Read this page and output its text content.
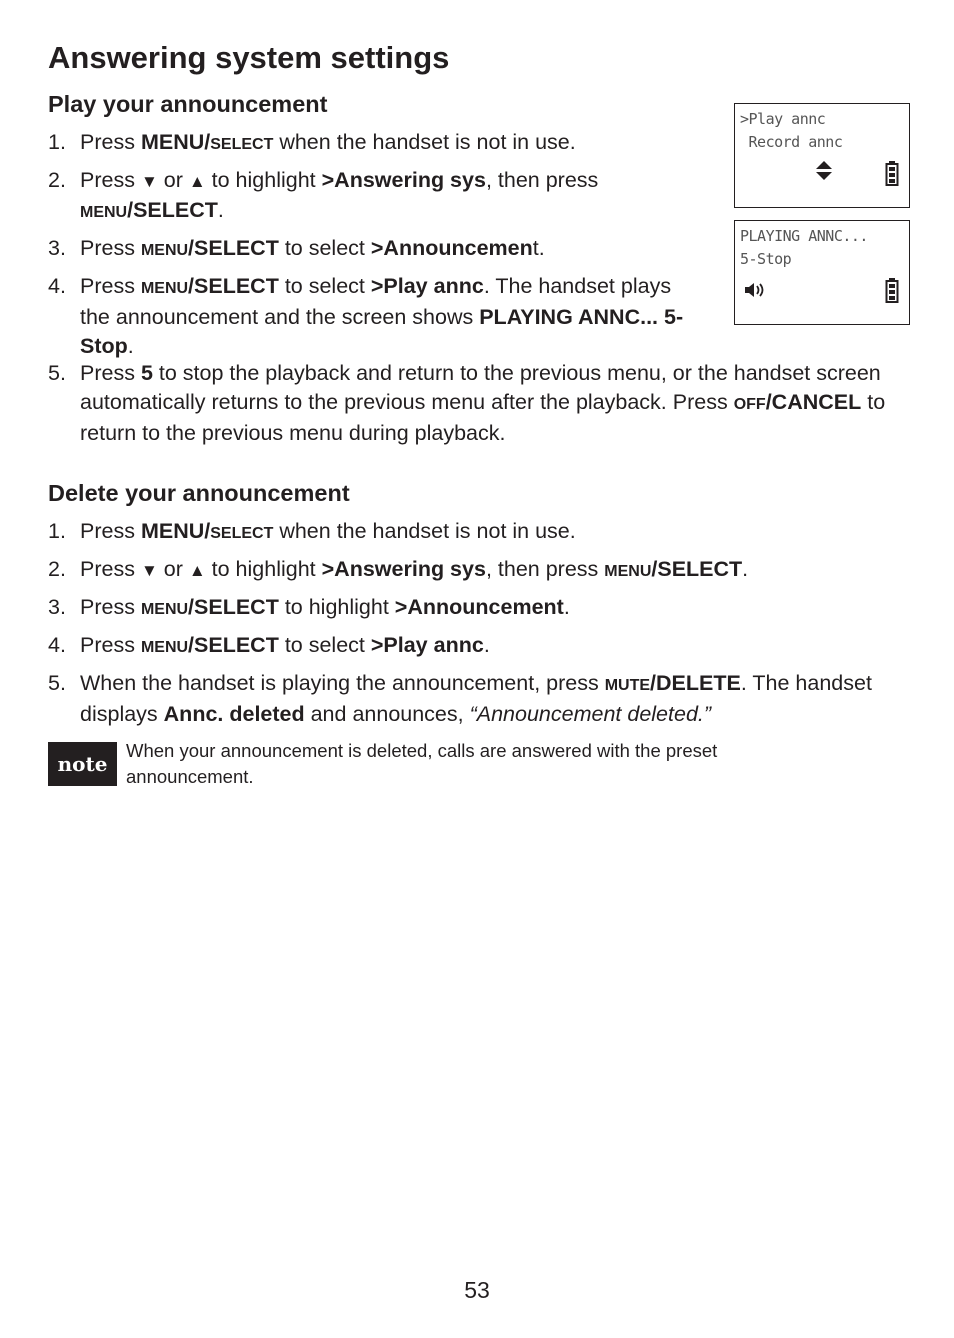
Answering system settings
Play your announcement
1. Press MENU/SELECT when the handset is not in use.
2. Press ▼ or ▲ to highlight >Answering sys, then press MENU/SELECT.
3. Press MENU/SELECT to select >Announcement.
4. Press MENU/SELECT to select >Play annc. The handset plays the announcement and the screen shows PLAYING ANNC... 5-Stop.
5. Press 5 to stop the playback and return to the previous menu, or the handset screen automatically returns to the previous menu after the playback. Press OFF/CANCEL to return to the previous menu during playback.
>Play annc
Record annc
PLAYING ANNC...
5-Stop
Delete your announcement
1. Press MENU/SELECT when the handset is not in use.
2. Press ▼ or ▲ to highlight >Answering sys, then press MENU/SELECT.
3. Press MENU/SELECT to highlight >Announcement.
4. Press MENU/SELECT to select >Play annc.
5. When the handset is playing the announcement, press MUTE/DELETE. The handset displays Annc. deleted and announces, “Announcement deleted.”
note

When your announcement is deleted, calls are answered with the preset announcement.

53
